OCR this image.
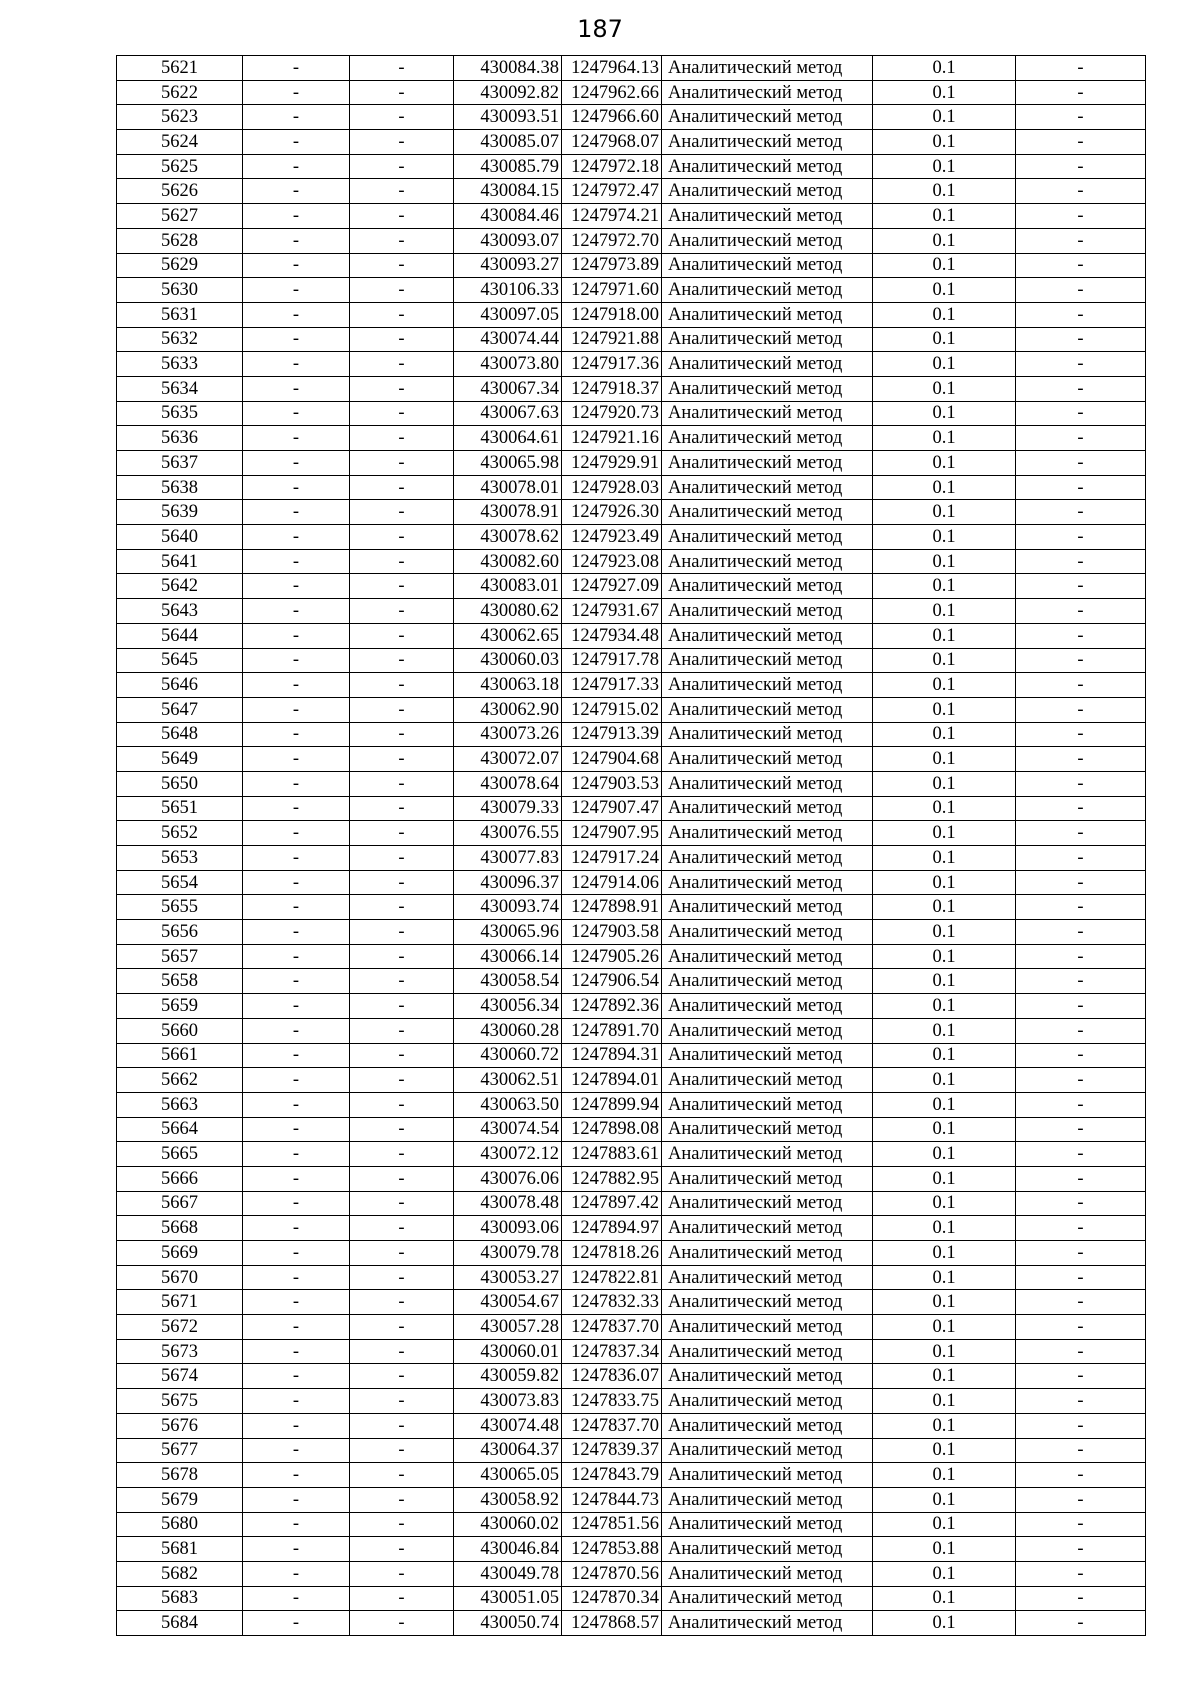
187
5621	-	-	430084.38	1247964.13	Аналитический метод	0.1	-
5622	-	-	430092.82	1247962.66	Аналитический метод	0.1	-
5623	-	-	430093.51	1247966.60	Аналитический метод	0.1	-
5624	-	-	430085.07	1247968.07	Аналитический метод	0.1	-
5625	-	-	430085.79	1247972.18	Аналитический метод	0.1	-
5626	-	-	430084.15	1247972.47	Аналитический метод	0.1	-
5627	-	-	430084.46	1247974.21	Аналитический метод	0.1	-
5628	-	-	430093.07	1247972.70	Аналитический метод	0.1	-
5629	-	-	430093.27	1247973.89	Аналитический метод	0.1	-
5630	-	-	430106.33	1247971.60	Аналитический метод	0.1	-
5631	-	-	430097.05	1247918.00	Аналитический метод	0.1	-
5632	-	-	430074.44	1247921.88	Аналитический метод	0.1	-
5633	-	-	430073.80	1247917.36	Аналитический метод	0.1	-
5634	-	-	430067.34	1247918.37	Аналитический метод	0.1	-
5635	-	-	430067.63	1247920.73	Аналитический метод	0.1	-
5636	-	-	430064.61	1247921.16	Аналитический метод	0.1	-
5637	-	-	430065.98	1247929.91	Аналитический метод	0.1	-
5638	-	-	430078.01	1247928.03	Аналитический метод	0.1	-
5639	-	-	430078.91	1247926.30	Аналитический метод	0.1	-
5640	-	-	430078.62	1247923.49	Аналитический метод	0.1	-
5641	-	-	430082.60	1247923.08	Аналитический метод	0.1	-
5642	-	-	430083.01	1247927.09	Аналитический метод	0.1	-
5643	-	-	430080.62	1247931.67	Аналитический метод	0.1	-
5644	-	-	430062.65	1247934.48	Аналитический метод	0.1	-
5645	-	-	430060.03	1247917.78	Аналитический метод	0.1	-
5646	-	-	430063.18	1247917.33	Аналитический метод	0.1	-
5647	-	-	430062.90	1247915.02	Аналитический метод	0.1	-
5648	-	-	430073.26	1247913.39	Аналитический метод	0.1	-
5649	-	-	430072.07	1247904.68	Аналитический метод	0.1	-
5650	-	-	430078.64	1247903.53	Аналитический метод	0.1	-
5651	-	-	430079.33	1247907.47	Аналитический метод	0.1	-
5652	-	-	430076.55	1247907.95	Аналитический метод	0.1	-
5653	-	-	430077.83	1247917.24	Аналитический метод	0.1	-
5654	-	-	430096.37	1247914.06	Аналитический метод	0.1	-
5655	-	-	430093.74	1247898.91	Аналитический метод	0.1	-
5656	-	-	430065.96	1247903.58	Аналитический метод	0.1	-
5657	-	-	430066.14	1247905.26	Аналитический метод	0.1	-
5658	-	-	430058.54	1247906.54	Аналитический метод	0.1	-
5659	-	-	430056.34	1247892.36	Аналитический метод	0.1	-
5660	-	-	430060.28	1247891.70	Аналитический метод	0.1	-
5661	-	-	430060.72	1247894.31	Аналитический метод	0.1	-
5662	-	-	430062.51	1247894.01	Аналитический метод	0.1	-
5663	-	-	430063.50	1247899.94	Аналитический метод	0.1	-
5664	-	-	430074.54	1247898.08	Аналитический метод	0.1	-
5665	-	-	430072.12	1247883.61	Аналитический метод	0.1	-
5666	-	-	430076.06	1247882.95	Аналитический метод	0.1	-
5667	-	-	430078.48	1247897.42	Аналитический метод	0.1	-
5668	-	-	430093.06	1247894.97	Аналитический метод	0.1	-
5669	-	-	430079.78	1247818.26	Аналитический метод	0.1	-
5670	-	-	430053.27	1247822.81	Аналитический метод	0.1	-
5671	-	-	430054.67	1247832.33	Аналитический метод	0.1	-
5672	-	-	430057.28	1247837.70	Аналитический метод	0.1	-
5673	-	-	430060.01	1247837.34	Аналитический метод	0.1	-
5674	-	-	430059.82	1247836.07	Аналитический метод	0.1	-
5675	-	-	430073.83	1247833.75	Аналитический метод	0.1	-
5676	-	-	430074.48	1247837.70	Аналитический метод	0.1	-
5677	-	-	430064.37	1247839.37	Аналитический метод	0.1	-
5678	-	-	430065.05	1247843.79	Аналитический метод	0.1	-
5679	-	-	430058.92	1247844.73	Аналитический метод	0.1	-
5680	-	-	430060.02	1247851.56	Аналитический метод	0.1	-
5681	-	-	430046.84	1247853.88	Аналитический метод	0.1	-
5682	-	-	430049.78	1247870.56	Аналитический метод	0.1	-
5683	-	-	430051.05	1247870.34	Аналитический метод	0.1	-
5684	-	-	430050.74	1247868.57	Аналитический метод	0.1	-
